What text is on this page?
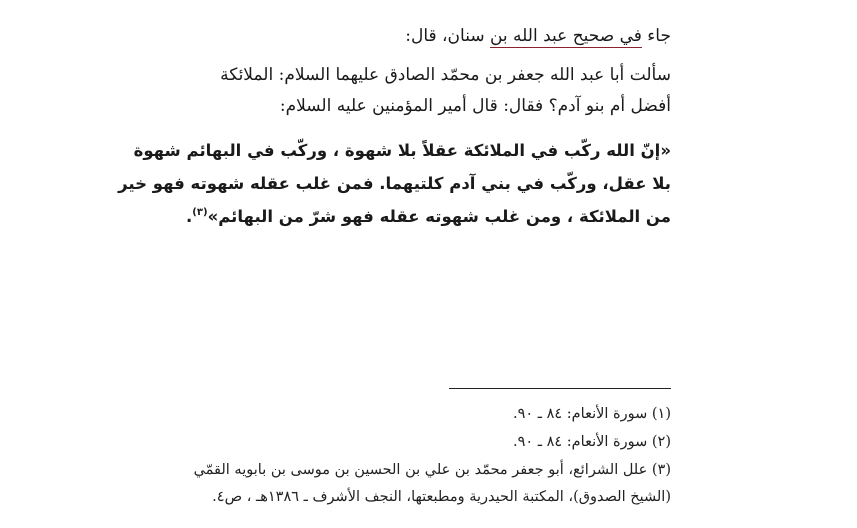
جاء في صحيح عبد الله بن سنان، قال:
سألت أبا عبد الله جعفر بن محمّد الصادق عليهما السلام: الملائكة
أفضل أم بنو آدم؟ فقال: قال أمير المؤمنين عليه السلام:
«إنّ الله ركّب في الملائكة عقلاً بلا شهوة ، وركّب في البهائم شهوة
بلا عقل، وركّب في بني آدم كلتيهما. فمن غلب عقله شهوته فهو خير
من الملائكة ، ومن غلب شهوته عقله فهو شرّ من البهائم»$^{(٣)}$.
(١) سورة الأنعام: ٨٤ ـ ٩٠.
(٢) سورة الأنعام: ٨٤ ـ ٩٠.
(٣) علل الشرائع، أبو جعفر محمّد بن علي بن الحسين بن موسى بن بابويه القمّي
(الشيخ الصدوق)، المكتبة الحيدرية ومطبعتها، النجف الأشرف ـ ١٣٨٦هـ ، ص٤.
